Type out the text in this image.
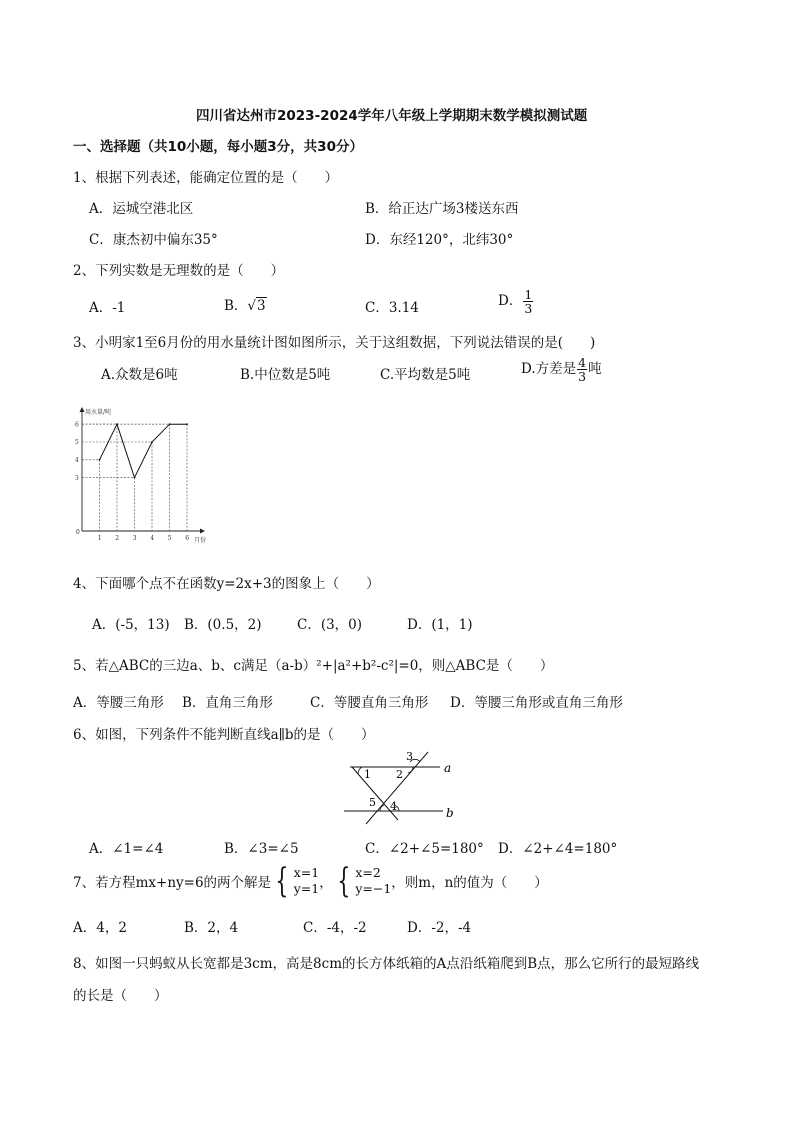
四川省达州市2023-2024学年八年级上学期期末数学模拟测试题
一、选择题（共10小题，每小题3分，共30分）
1、根据下列表述，能确定位置的是（　　）
A．运城空港北区	B．给正达广场3楼送东西
C．康杰初中偏东35°	D．东经120°，北纬30°
2、下列实数是无理数的是（　　）
A．-1	B．√3	C．3.14	D． $\frac{1}{3}$
3、小明家1至6月份的用水量统计图如图所示，关于这组数据，下列说法错误的是(　　)
A.众数是6吨	B.中位数是5吨	C.平均数是5吨	D.方差是 $\frac{4}{3}$ 吨
用水量/吨
月份
0
3
4
5
6
1 2 3 4 5 6
4、下面哪个点不在函数y=2x+3的图象上（　　）
A．(-5，13) B．(0.5，2)	C．(3，0)	D．(1，1)
5、若△ABC的三边a、b、c满足（a-b）²+|a²+b²-c²|=0，则△ABC是（　　）
A．等腰三角形 B．直角三角形	C．等腰直角三角形 D．等腰三角形或直角三角形
6、如图，下列条件不能判断直线a∥b的是（　　）
a
b
1 2
3
4
5
A．∠1=∠4	B．∠3=∠5	C．∠2+∠5=180° D．∠2+∠4=180°
7、若方程mx+ny=6的两个解是 { x=1
y=1 ， { x=2
y=−1 ，则m，n的值为（　　）
A．4，2	B．2，4	C．-4，-2	D．-2，-4
8、如图一只蚂蚁从长宽都是3cm，高是8cm的长方体纸箱的A点沿纸箱爬到B点，那么它所行的最短路线
的长是（　　）
